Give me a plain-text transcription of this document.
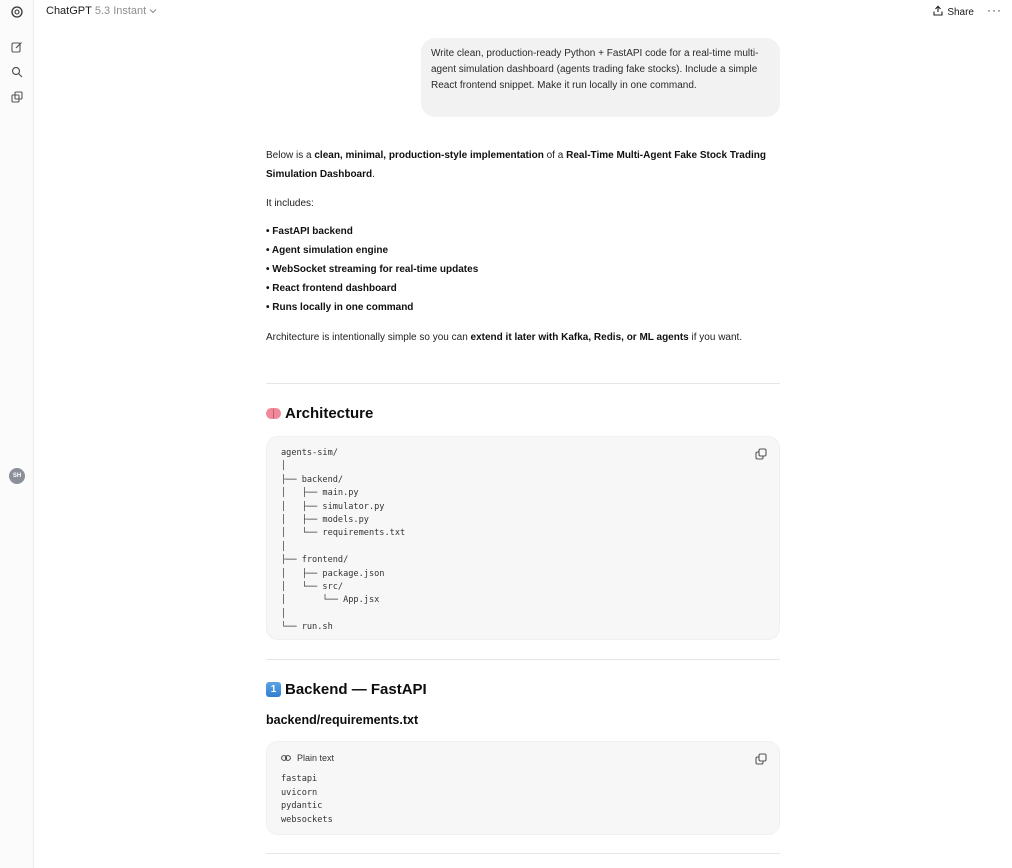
SH
ChatGPT 5.3 Instant	Share ···
Write clean, production-ready Python + FastAPI code for a real-time multi-agent simulation dashboard (agents trading fake stocks). Include a simple React frontend snippet. Make it run locally in one command.

Below is a clean, minimal, production-style implementation of a Real-Time Multi-Agent Fake Stock Trading Simulation Dashboard.

It includes:

• FastAPI backend
• Agent simulation engine
• WebSocket streaming for real-time updates
• React frontend dashboard
• Runs locally in one command

Architecture is intentionally simple so you can extend it later with Kafka, Redis, or ML agents if you want.

Architecture
agents-sim/
│
├── backend/
│   ├── main.py
│   ├── simulator.py
│   ├── models.py
│   └── requirements.txt
│
├── frontend/
│   ├── package.json
│   └── src/
│       └── App.jsx
│
└── run.sh
1 Backend — FastAPI
backend/requirements.txt
Plain text
fastapi
uvicorn
pydantic
websockets
